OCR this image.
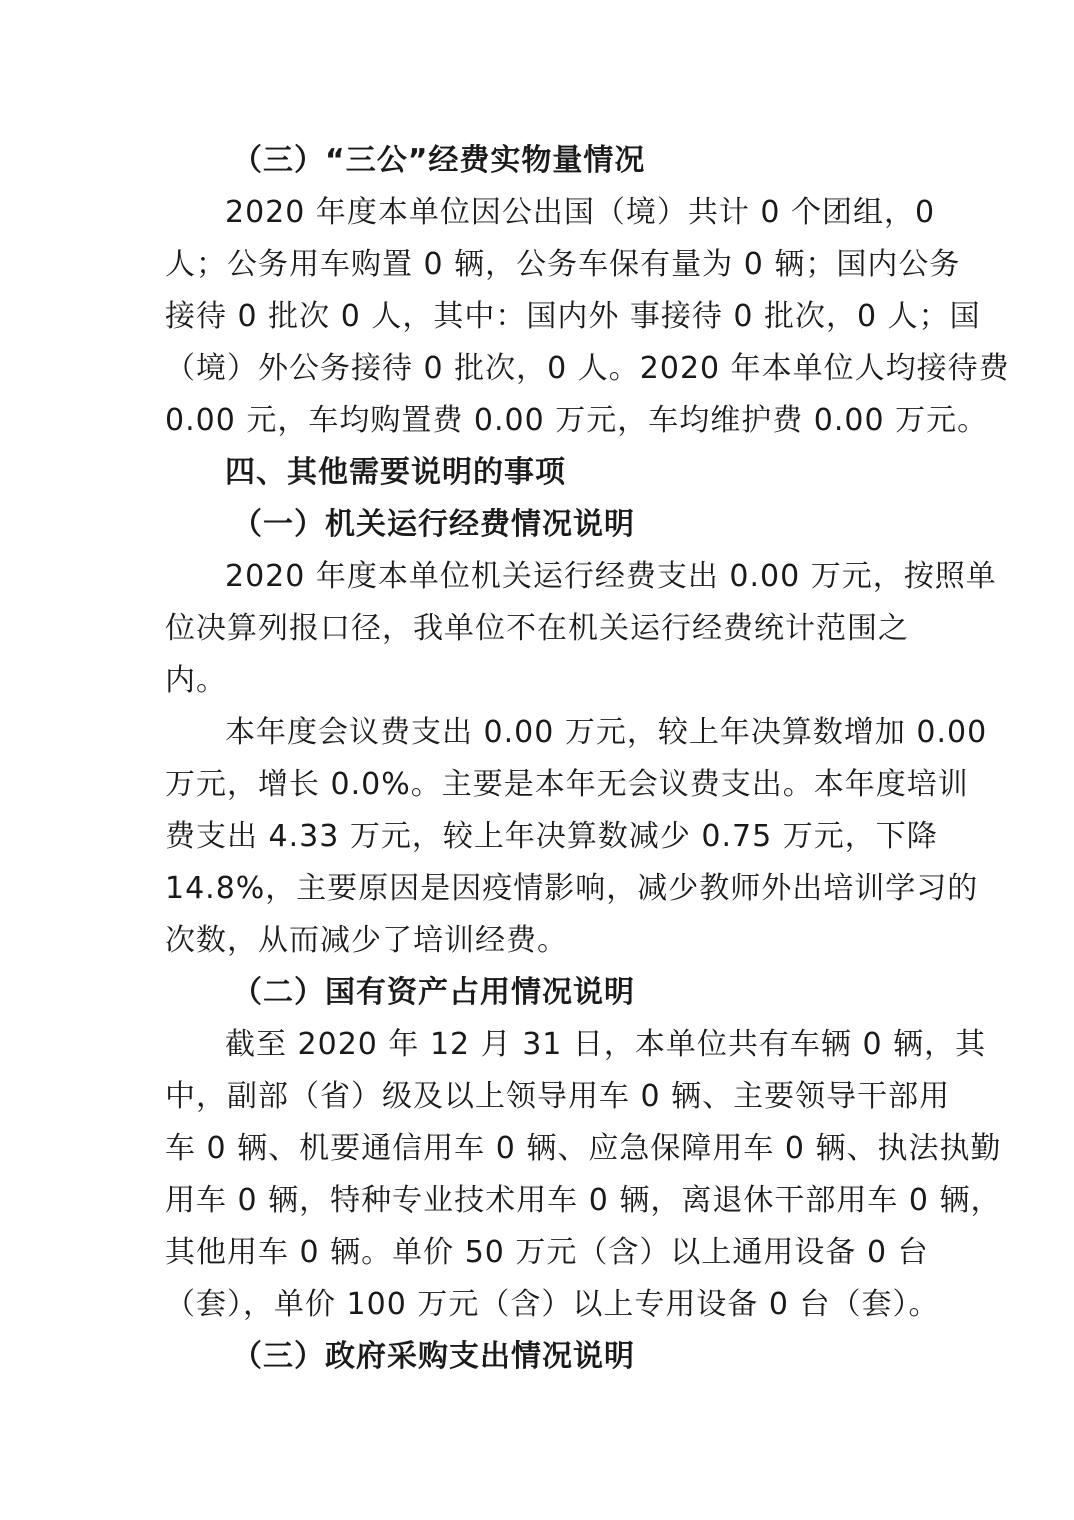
（三）“三公”经费实物量情况
2020 年度本单位因公出国（境）共计 0 个团组，0
人；公务用车购置 0 辆，公务车保有量为 0 辆；国内公务
接待 0 批次 0 人，其中：国内外 事接待 0 批次，0 人；国
（境）外公务接待 0 批次，0 人。2020 年本单位人均接待费
0.00 元，车均购置费 0.00 万元，车均维护费 0.00 万元。
四、其他需要说明的事项
（一）机关运行经费情况说明
2020 年度本单位机关运行经费支出 0.00 万元，按照单
位决算列报口径，我单位不在机关运行经费统计范围之
内。
本年度会议费支出 0.00 万元，较上年决算数增加 0.00
万元，增长 0.0%。主要是本年无会议费支出。本年度培训
费支出 4.33 万元，较上年决算数减少 0.75 万元，下降
14.8%，主要原因是因疫情影响，减少教师外出培训学习的
次数，从而减少了培训经费。
（二）国有资产占用情况说明
截至 2020 年 12 月 31 日，本单位共有车辆 0 辆，其
中，副部（省）级及以上领导用车 0 辆、主要领导干部用
车 0 辆、机要通信用车 0 辆、应急保障用车 0 辆、执法执勤
用车 0 辆，特种专业技术用车 0 辆，离退休干部用车 0 辆，
其他用车 0 辆。单价 50 万元（含）以上通用设备 0 台
（套），单价 100 万元（含）以上专用设备 0 台（套）。
（三）政府采购支出情况说明
